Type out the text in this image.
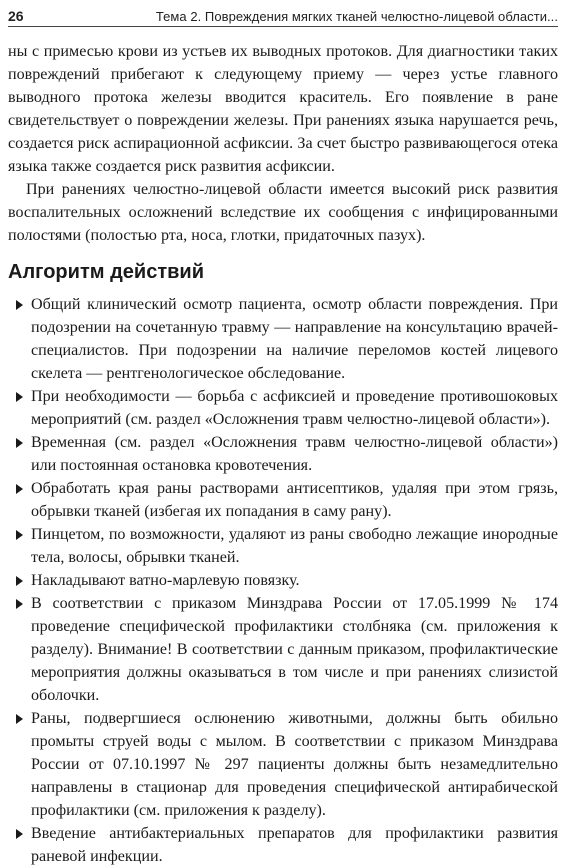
26	Тема 2. Повреждения мягких тканей челюстно-лицевой области...

ны с примесью крови из устьев их выводных протоков. Для диагностики таких повреждений прибегают к следующему приему — через устье главного выводного протока железы вводится краситель. Его появление в ране свидетельствует о повреждении железы. При ранениях языка нарушается речь, создается риск аспирационной асфиксии. За счет быстро развивающегося отека языка также создается риск развития асфиксии.

При ранениях челюстно-лицевой области имеется высокий риск развития воспалительных осложнений вследствие их сообщения с инфицированными полостями (полостью рта, носа, глотки, придаточных пазух).

Алгоритм действий
Общий клинический осмотр пациента, осмотр области повреждения. При подозрении на сочетанную травму — направление на консультацию врачей-специалистов. При подозрении на наличие переломов костей лицевого скелета — рентгенологическое обследование.
При необходимости — борьба с асфиксией и проведение противошоковых мероприятий (см. раздел «Осложнения травм челюстно-лицевой области»).
Временная (см. раздел «Осложнения травм челюстно-лицевой области») или постоянная остановка кровотечения.
Обработать края раны растворами антисептиков, удаляя при этом грязь, обрывки тканей (избегая их попадания в саму рану).
Пинцетом, по возможности, удаляют из раны свободно лежащие инородные тела, волосы, обрывки тканей.
Накладывают ватно-марлевую повязку.
В соответствии с приказом Минздрава России от 17.05.1999 № 174 проведение специфической профилактики столбняка (см. приложения к разделу). Внимание! В соответствии с данным приказом, профилактические мероприятия должны оказываться в том числе и при ранениях слизистой оболочки.
Раны, подвергшиеся ослюнению животными, должны быть обильно промыты струей воды с мылом. В соответствии с приказом Минздрава России от 07.10.1997 № 297 пациенты должны быть незамедлительно направлены в стационар для проведения специфической антирабической профилактики (см. приложения к разделу).
Введение антибактериальных препаратов для профилактики развития раневой инфекции.
